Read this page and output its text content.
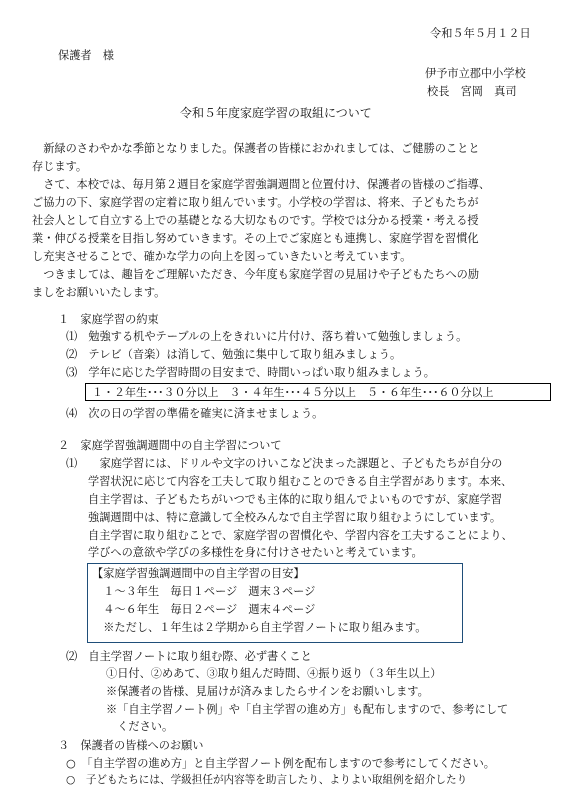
令和５年５月１２日
保護者　様
伊予市立郡中小学校
校長　宮岡　真司
令和５年度家庭学習の取組について
　新緑のさわやかな季節となりました。保護者の皆様におかれましては、ご健勝のことと
存じます。
　さて、本校では、毎月第２週目を家庭学習強調週間と位置付け、保護者の皆様のご指導、
ご協力の下、家庭学習の定着に取り組んでいます。小学校の学習は、将来、子どもたちが
社会人として自立する上での基礎となる大切なものです。学校では分かる授業・考える授
業・伸びる授業を目指し努めていきます。その上でご家庭とも連携し、家庭学習を習慣化
し充実させることで、確かな学力の向上を図っていきたいと考えています。
　つきましては、趣旨をご理解いただき、今年度も家庭学習の見届けや子どもたちへの励
ましをお願いいたします。
１　家庭学習の約束
⑴　勉強する机やテーブルの上をきれいに片付け、落ち着いて勉強しましょう。
⑵　テレビ（音楽）は消して、勉強に集中して取り組みましょう。
⑶　学年に応じた学習時間の目安まで、時間いっぱい取り組みましょう。
１・２年生･･･３０分以上　３・４年生･･･４５分以上　５・６年生･･･６０分以上
⑷　次の日の学習の準備を確実に済ませましょう。
２　家庭学習強調週間中の自主学習について
⑴　　家庭学習には、ドリルや文字のけいこなど決まった課題と、子どもたちが自分の
学習状況に応じて内容を工夫して取り組むことのできる自主学習があります。本来、
自主学習は、子どもたちがいつでも主体的に取り組んでよいものですが、家庭学習
強調週間中は、特に意識して全校みんなで自主学習に取り組むようにしています。
自主学習に取り組むことで、家庭学習の習慣化や、学習内容を工夫することにより、
学びへの意欲や学びの多様性を身に付けさせたいと考えています。
【家庭学習強調週間中の自主学習の目安】
　１～３年生　毎日１ページ　週末３ページ
　４～６年生　毎日２ページ　週末４ページ
　※ただし、１年生は２学期から自主学習ノートに取り組みます。
⑵　自主学習ノートに取り組む際、必ず書くこと
①日付、②めあて、③取り組んだ時間、④振り返り（３年生以上）
※保護者の皆様、見届けが済みましたらサインをお願いします。
※「自主学習ノート例」や「自主学習の進め方」も配布しますので、参考にして
　ください。
３　保護者の皆様へのお願い
○　「自主学習の進め方」と自主学習ノート例を配布しますので参考にしてください。
○　子どもたちには、学級担任が内容等を助言したり、よりよい取組例を紹介したり
